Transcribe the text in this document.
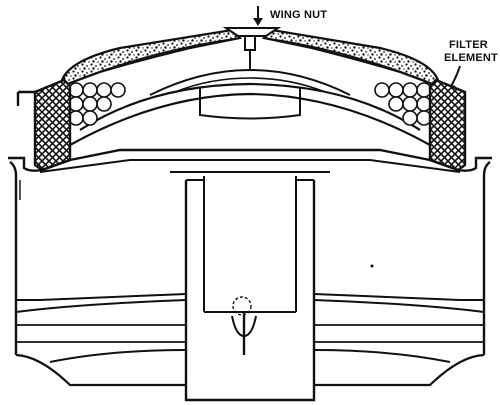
WING NUT
FILTER
ELEMENT
